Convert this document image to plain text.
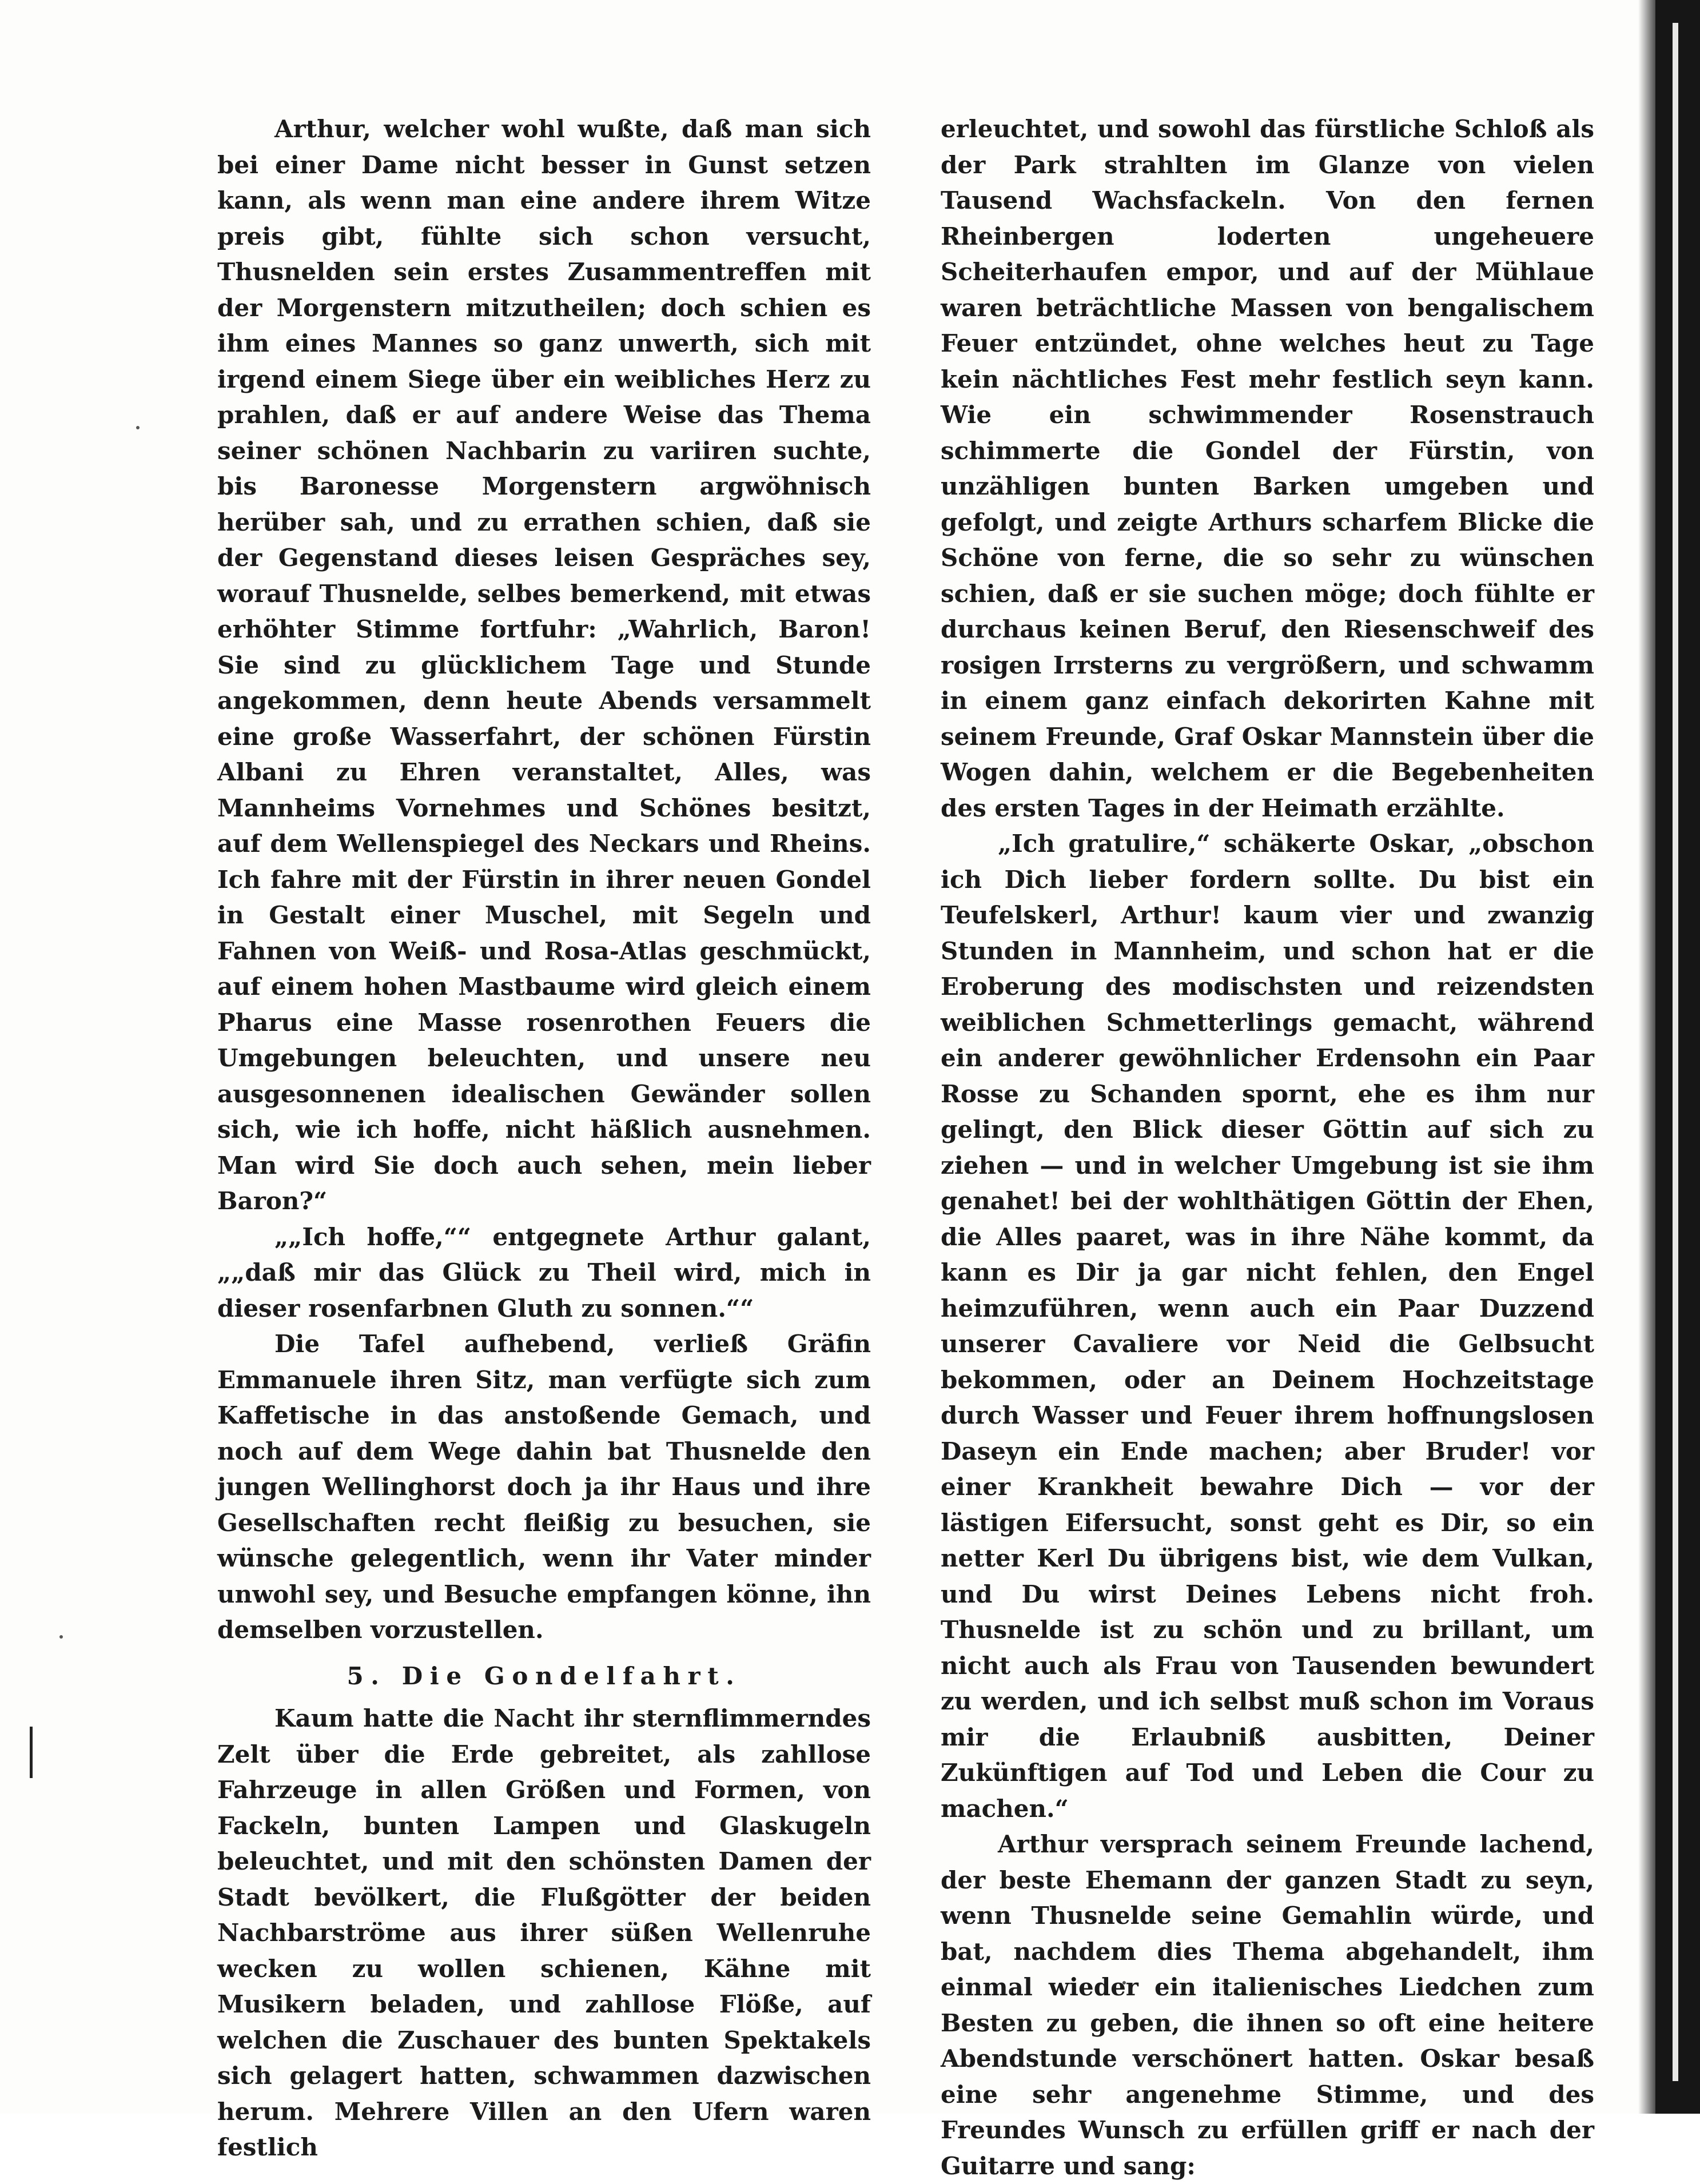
Arthur, welcher wohl wußte, daß man sich bei einer Dame nicht besser in Gunst setzen kann, als wenn man eine andere ihrem Witze preis gibt, fühlte sich schon versucht, Thusnelden sein erstes Zusammentreffen mit der Morgenstern mitzutheilen; doch schien es ihm eines Mannes so ganz unwerth, sich mit irgend einem Siege über ein weibliches Herz zu prahlen, daß er auf andere Weise das Thema seiner schönen Nachbarin zu variiren suchte, bis Baronesse Morgenstern argwöhnisch herüber sah, und zu errathen schien, daß sie der Gegenstand dieses leisen Gespräches sey, worauf Thusnelde, selbes bemerkend, mit etwas erhöhter Stimme fortfuhr: „Wahrlich, Baron! Sie sind zu glücklichem Tage und Stunde angekommen, denn heute Abends versammelt eine große Wasserfahrt, der schönen Fürstin Albani zu Ehren veranstaltet, Alles, was Mannheims Vornehmes und Schönes besitzt, auf dem Wellenspiegel des Neckars und Rheins. Ich fahre mit der Fürstin in ihrer neuen Gondel in Gestalt einer Muschel, mit Segeln und Fahnen von Weiß- und Rosa-Atlas geschmückt, auf einem hohen Mastbaume wird gleich einem Pharus eine Masse rosenrothen Feuers die Umgebungen beleuchten, und unsere neu ausgesonnenen idealischen Gewänder sollen sich, wie ich hoffe, nicht häßlich ausnehmen. Man wird Sie doch auch sehen, mein lieber Baron?“

„„Ich hoffe,““ entgegnete Arthur galant, „„daß mir das Glück zu Theil wird, mich in dieser rosenfarbnen Gluth zu sonnen.““

Die Tafel aufhebend, verließ Gräfin Emmanuele ihren Sitz, man verfügte sich zum Kaffetische in das anstoßende Gemach, und noch auf dem Wege dahin bat Thusnelde den jungen Wellinghorst doch ja ihr Haus und ihre Gesellschaften recht fleißig zu besuchen, sie wünsche gelegentlich, wenn ihr Vater minder unwohl sey, und Besuche empfangen könne, ihn demselben vorzustellen.

5. Die Gondelfahrt.

Kaum hatte die Nacht ihr sternflimmerndes Zelt über die Erde gebreitet, als zahllose Fahrzeuge in allen Größen und Formen, von Fackeln, bunten Lampen und Glaskugeln beleuchtet, und mit den schönsten Damen der Stadt bevölkert, die Flußgötter der beiden Nachbarströme aus ihrer süßen Wellenruhe wecken zu wollen schienen, Kähne mit Musikern beladen, und zahllose Flöße, auf welchen die Zuschauer des bunten Spektakels sich gelagert hatten, schwammen dazwischen herum. Mehrere Villen an den Ufern waren festlich

erleuchtet, und sowohl das fürstliche Schloß als der Park strahlten im Glanze von vielen Tausend Wachsfackeln. Von den fernen Rheinbergen loderten ungeheuere Scheiterhaufen empor, und auf der Mühlaue waren beträchtliche Massen von bengalischem Feuer entzündet, ohne welches heut zu Tage kein nächtliches Fest mehr festlich seyn kann. Wie ein schwimmender Rosenstrauch schimmerte die Gondel der Fürstin, von unzähligen bunten Barken umgeben und gefolgt, und zeigte Arthurs scharfem Blicke die Schöne von ferne, die so sehr zu wünschen schien, daß er sie suchen möge; doch fühlte er durchaus keinen Beruf, den Riesenschweif des rosigen Irrsterns zu vergrößern, und schwamm in einem ganz einfach dekorirten Kahne mit seinem Freunde, Graf Oskar Mannstein über die Wogen dahin, welchem er die Begebenheiten des ersten Tages in der Heimath erzählte.

„Ich gratulire,“ schäkerte Oskar, „obschon ich Dich lieber fordern sollte. Du bist ein Teufelskerl, Arthur! kaum vier und zwanzig Stunden in Mannheim, und schon hat er die Eroberung des modischsten und reizendsten weiblichen Schmetterlings gemacht, während ein anderer gewöhnlicher Erdensohn ein Paar Rosse zu Schanden spornt, ehe es ihm nur gelingt, den Blick dieser Göttin auf sich zu ziehen — und in welcher Umgebung ist sie ihm genahet! bei der wohlthätigen Göttin der Ehen, die Alles paaret, was in ihre Nähe kommt, da kann es Dir ja gar nicht fehlen, den Engel heimzuführen, wenn auch ein Paar Duzzend unserer Cavaliere vor Neid die Gelbsucht bekommen, oder an Deinem Hochzeitstage durch Wasser und Feuer ihrem hoffnungslosen Daseyn ein Ende machen; aber Bruder! vor einer Krankheit bewahre Dich — vor der lästigen Eifersucht, sonst geht es Dir, so ein netter Kerl Du übrigens bist, wie dem Vulkan, und Du wirst Deines Lebens nicht froh. Thusnelde ist zu schön und zu brillant, um nicht auch als Frau von Tausenden bewundert zu werden, und ich selbst muß schon im Voraus mir die Erlaubniß ausbitten, Deiner Zukünftigen auf Tod und Leben die Cour zu machen.“

Arthur versprach seinem Freunde lachend, der beste Ehemann der ganzen Stadt zu seyn, wenn Thusnelde seine Gemahlin würde, und bat, nachdem dies Thema abgehandelt, ihm einmal wieder ein italienisches Liedchen zum Besten zu geben, die ihnen so oft eine heitere Abendstunde verschönert hatten. Oskar besaß eine sehr angenehme Stimme, und des Freundes Wunsch zu erfüllen griff er nach der Guitarre und sang:
